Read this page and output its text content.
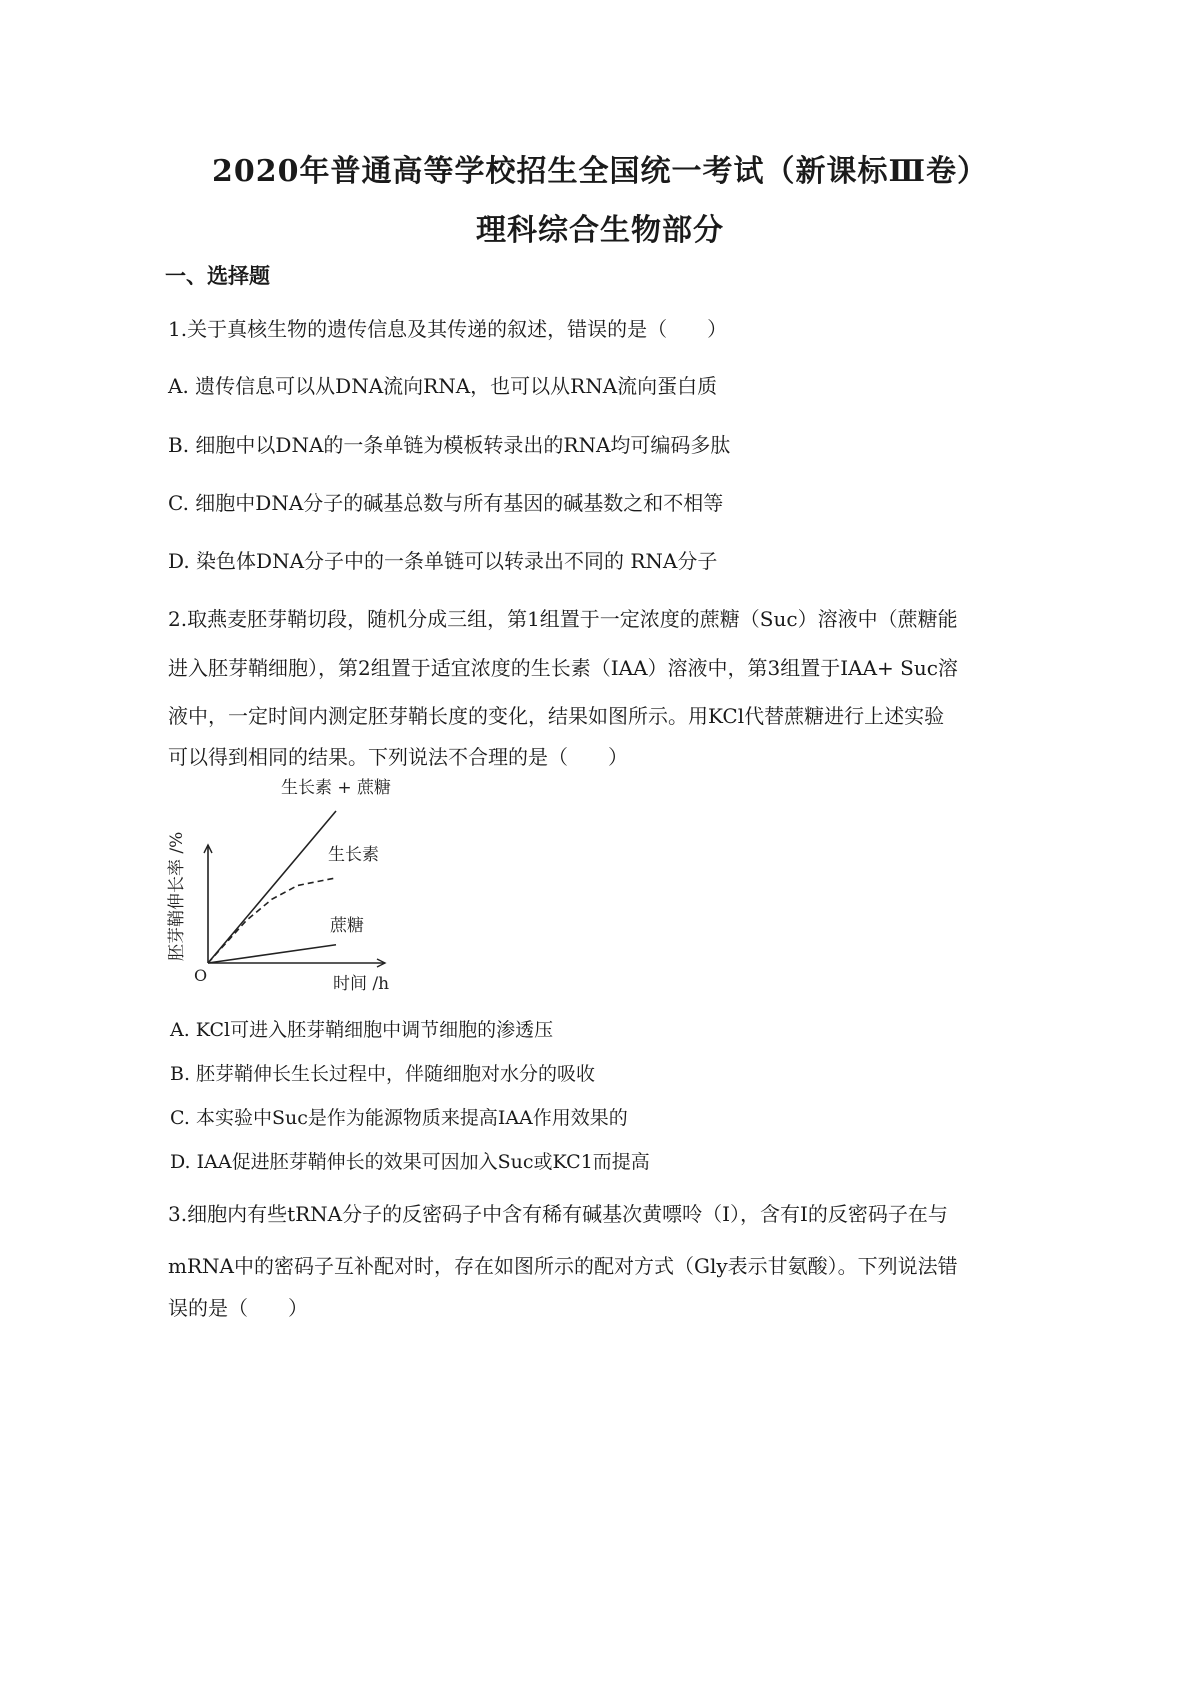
2020年普通高等学校招生全国统一考试（新课标Ⅲ卷）
理科综合生物部分
一、选择题
1.关于真核生物的遗传信息及其传递的叙述，错误的是（　　）
A. 遗传信息可以从DNA流向RNA，也可以从RNA流向蛋白质
B. 细胞中以DNA的一条单链为模板转录出的RNA均可编码多肽
C. 细胞中DNA分子的碱基总数与所有基因的碱基数之和不相等
D. 染色体DNA分子中的一条单链可以转录出不同的 RNA分子
2.取燕麦胚芽鞘切段，随机分成三组，第1组置于一定浓度的蔗糖（Suc）溶液中（蔗糖能
进入胚芽鞘细胞），第2组置于适宜浓度的生长素（IAA）溶液中，第3组置于IAA+ Suc溶
液中，一定时间内测定胚芽鞘长度的变化，结果如图所示。用KCl代替蔗糖进行上述实验
可以得到相同的结果。下列说法不合理的是（　　）
O
胚芽鞘伸长率 /%
时间 /h
生长素 + 蔗糖
生长素
蔗糖
A. KCl可进入胚芽鞘细胞中调节细胞的渗透压
B. 胚芽鞘伸长生长过程中，伴随细胞对水分的吸收
C. 本实验中Suc是作为能源物质来提高IAA作用效果的
D. IAA促进胚芽鞘伸长的效果可因加入Suc或KC1而提高
3.细胞内有些tRNA分子的反密码子中含有稀有碱基次黄嘌呤（I），含有I的反密码子在与
mRNA中的密码子互补配对时，存在如图所示的配对方式（Gly表示甘氨酸）。下列说法错
误的是（　　）
